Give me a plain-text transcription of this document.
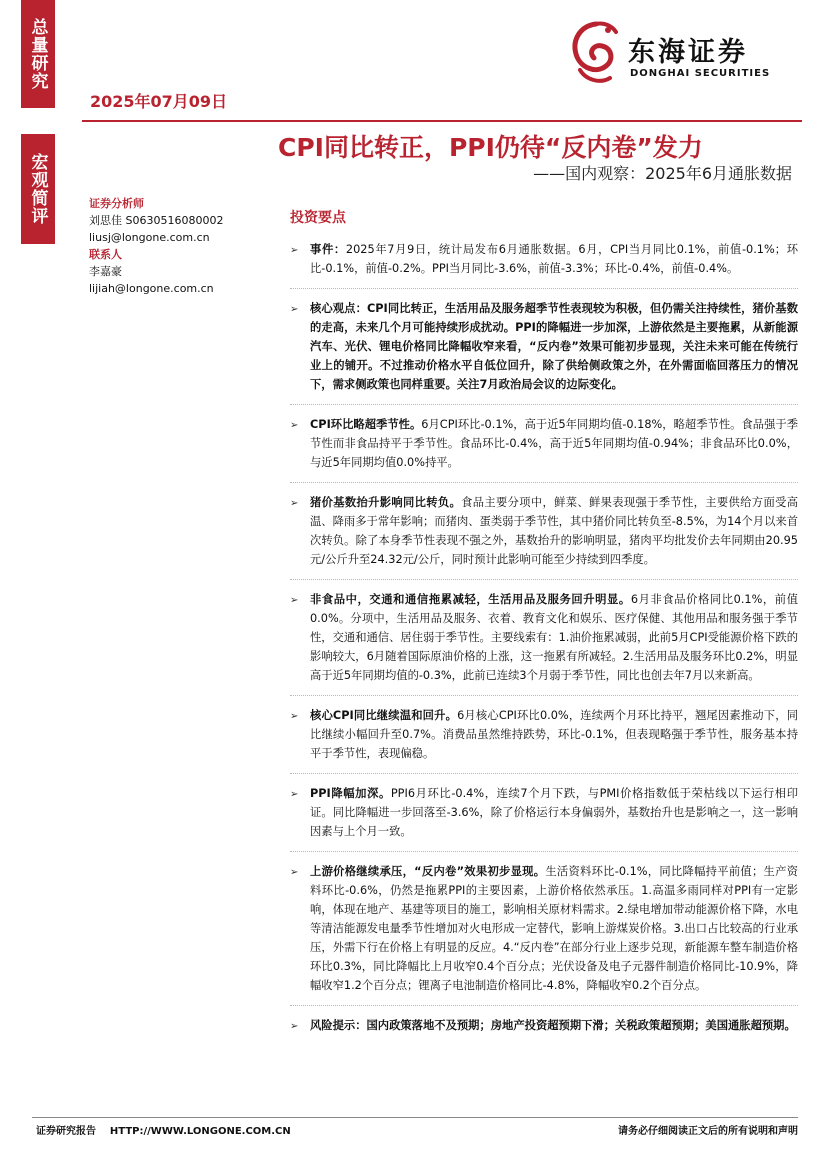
总量研究
宏观简评
2025年07月09日
东海证券
DONGHAI SECURITIES
CPI同比转正，PPI仍待“反内卷”发力
——国内观察：2025年6月通胀数据
证券分析师
刘思佳 S0630516080002
liusj@longone.com.cn
联系人
李嘉豪
lijiah@longone.com.cn
投资要点
➢	事件：2025年7月9日，统计局发布6月通胀数据。6月，CPI当月同比0.1%，前值-0.1%；环比-0.1%，前值-0.2%。PPI当月同比-3.6%，前值-3.3%；环比-0.4%，前值-0.4%。
➢	核心观点：CPI同比转正，生活用品及服务超季节性表现较为积极，但仍需关注持续性，猪价基数的走高，未来几个月可能持续形成扰动。PPI的降幅进一步加深，上游依然是主要拖累，从新能源汽车、光伏、锂电价格同比降幅收窄来看，“反内卷”效果可能初步显现，关注未来可能在传统行业上的铺开。不过推动价格水平自低位回升，除了供给侧政策之外，在外需面临回落压力的情况下，需求侧政策也同样重要。关注7月政治局会议的边际变化。
➢	CPI环比略超季节性。6月CPI环比-0.1%，高于近5年同期均值-0.18%，略超季节性。食品强于季节性而非食品持平于季节性。食品环比-0.4%，高于近5年同期均值-0.94%；非食品环比0.0%，与近5年同期均值0.0%持平。
➢	猪价基数抬升影响同比转负。食品主要分项中，鲜菜、鲜果表现强于季节性，主要供给方面受高温、降雨多于常年影响；而猪肉、蛋类弱于季节性，其中猪价同比转负至-8.5%，为14个月以来首次转负。除了本身季节性表现不强之外，基数抬升的影响明显，猪肉平均批发价去年同期由20.95元/公斤升至24.32元/公斤，同时预计此影响可能至少持续到四季度。
➢	非食品中，交通和通信拖累减轻，生活用品及服务回升明显。6月非食品价格同比0.1%，前值0.0%。分项中，生活用品及服务、衣着、教育文化和娱乐、医疗保健、其他用品和服务强于季节性，交通和通信、居住弱于季节性。主要线索有：1.油价拖累减弱，此前5月CPI受能源价格下跌的影响较大，6月随着国际原油价格的上涨，这一拖累有所减轻。2.生活用品及服务环比0.2%，明显高于近5年同期均值的-0.3%，此前已连续3个月弱于季节性，同比也创去年7月以来新高。
➢	核心CPI同比继续温和回升。6月核心CPI环比0.0%，连续两个月环比持平，翘尾因素推动下，同比继续小幅回升至0.7%。消费品虽然维持跌势，环比-0.1%，但表现略强于季节性，服务基本持平于季节性，表现偏稳。
➢	PPI降幅加深。PPI6月环比-0.4%，连续7个月下跌，与PMI价格指数低于荣枯线以下运行相印证。同比降幅进一步回落至-3.6%，除了价格运行本身偏弱外，基数抬升也是影响之一，这一影响因素与上个月一致。
➢	上游价格继续承压，“反内卷”效果初步显现。生活资料环比-0.1%，同比降幅持平前值；生产资料环比-0.6%，仍然是拖累PPI的主要因素，上游价格依然承压。1.高温多雨同样对PPI有一定影响，体现在地产、基建等项目的施工，影响相关原材料需求。2.绿电增加带动能源价格下降，水电等清洁能源发电量季节性增加对火电形成一定替代，影响上游煤炭价格。3.出口占比较高的行业承压，外需下行在价格上有明显的反应。4.“反内卷”在部分行业上逐步兑现，新能源车整车制造价格环比0.3%，同比降幅比上月收窄0.4个百分点；光伏设备及电子元器件制造价格同比-10.9%，降幅收窄1.2个百分点；锂离子电池制造价格同比-4.8%，降幅收窄0.2个百分点。
➢	风险提示：国内政策落地不及预期；房地产投资超预期下滑；关税政策超预期；美国通胀超预期。
证券研究报告    HTTP://WWW.LONGONE.COM.CN	请务必仔细阅读正文后的所有说明和声明
